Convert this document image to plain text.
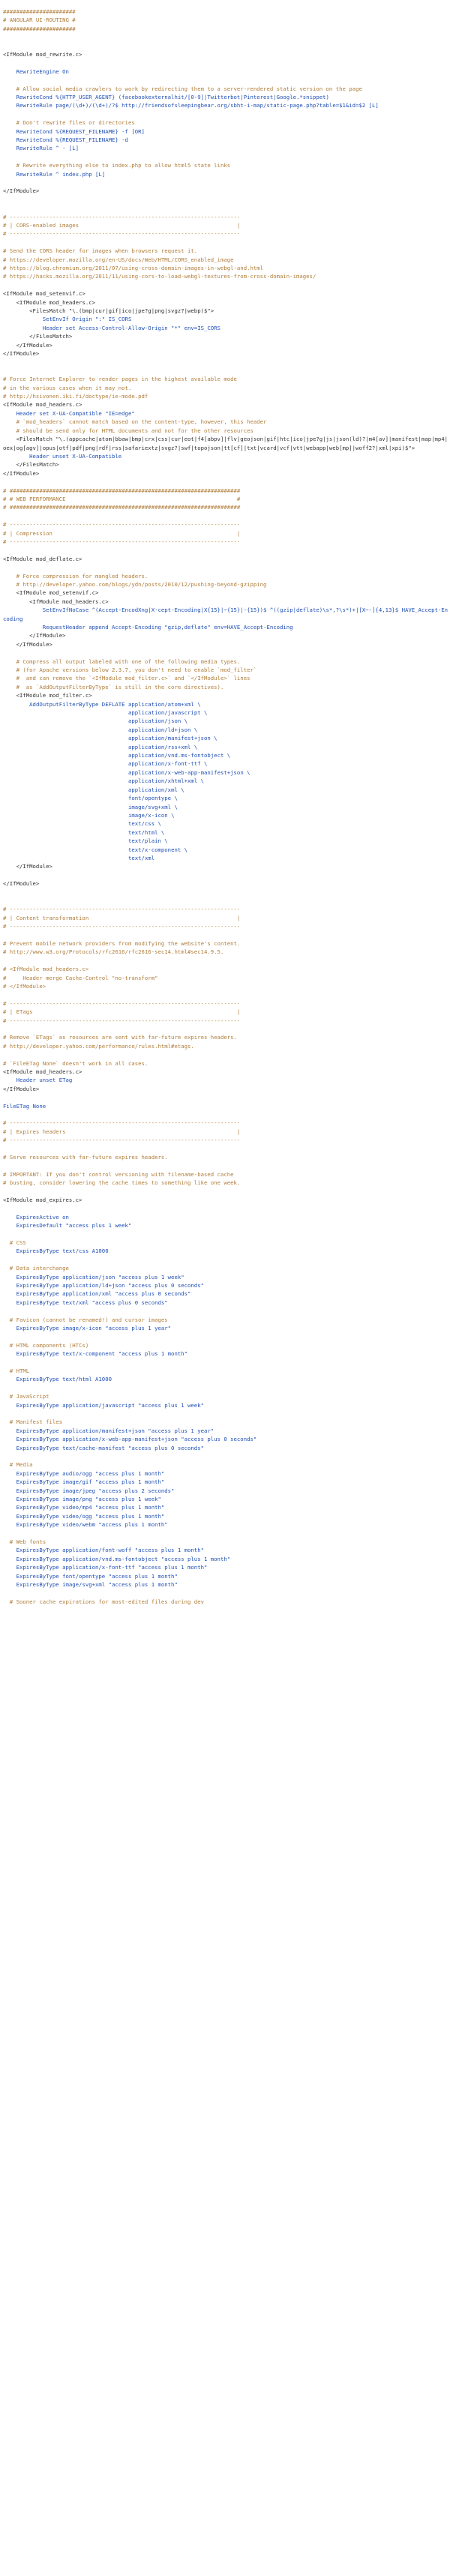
######################
# ANGULAR UI-ROUTING #
######################
<IfModule mod_rewrite.c>
RewriteEngine On
# Allow social media crawlers to work by redirecting them to a server-rendered static version on the page
RewriteCond %{HTTP_USER_AGENT} (facebookexternalhit/[0-9]|Twitterbot|Pinterest|Google.*snippet)
RewriteRule page/(\d+)/(\d+)/?$ http://friendsofsleepingbear.org/sbht-i-map/static-page.php?table=$1&id=$2 [L]
# Don't rewrite files or directories
RewriteCond %{REQUEST_FILENAME} -f [OR]
RewriteCond %{REQUEST_FILENAME} -d
RewriteRule ^ - [L]
# Rewrite everything else to index.php to allow html5 state links
RewriteRule ^ index.php [L]
</IfModule>
# ----------------------------------------------------------------------
# | CORS-enabled images                                                |
# ----------------------------------------------------------------------
# Send the CORS header for images when browsers request it.
# https://developer.mozilla.org/en-US/docs/Web/HTML/CORS_enabled_image
# https://blog.chromium.org/2011/07/using-cross-domain-images-in-webgl-and.html
# https://hacks.mozilla.org/2011/11/using-cors-to-load-webgl-textures-from-cross-domain-images/
<IfModule mod_setenvif.c>
<IfModule mod_headers.c>
<FilesMatch "\.(bmp|cur|gif|ico|jpe?g|png|svgz?|webp)$">
SetEnvIf Origin ":" IS_CORS
Header set Access-Control-Allow-Origin "*" env=IS_CORS
</FilesMatch>
</IfModule>
</IfModule>
# Force Internet Explorer to render pages in the highest available mode
# in the various cases when it may not.
# http://hsivonen.iki.fi/doctype/ie-mode.pdf
<IfModule mod_headers.c>
Header set X-UA-Compatible "IE=edge"
# `mod_headers` cannot match based on the content-type, however, this header
# should be send only for HTML documents and not for the other resources
<FilesMatch "\.(appcache|atom|bbaw|bmp|crx|css|cur|eot|f4[abpv]|flv|geojson|gif|htc|ico|jpe?g|js|json(ld)?|m4[av]|manifest|map|mp4|oex|og[agv]|opus|otf|pdf|png|rdf|rss|safariextz|svgz?|swf|topojson|tt[cf]|txt|vcard|vcf|vtt|webapp|web[mp]|woff2?|xml|xpi)$">
Header unset X-UA-Compatible
</FilesMatch>
</IfModule>
# ######################################################################
# # WEB PERFORMANCE                                                    #
# ######################################################################
# ----------------------------------------------------------------------
# | Compression                                                        |
# ----------------------------------------------------------------------
<IfModule mod_deflate.c>
# Force compression for mangled headers.
# http://developer.yahoo.com/blogs/ydn/posts/2010/12/pushing-beyond-gzipping
<IfModule mod_setenvif.c>
<IfModule mod_headers.c>
SetEnvIfNoCase ^(Accept-EncodXng|X-cept-Encoding|X{15}|~{15}|-{15})$ ^((gzip|deflate)\s*,?\s*)+|[X~-]{4,13}$ HAVE_Accept-Encoding
RequestHeader append Accept-Encoding "gzip,deflate" env=HAVE_Accept-Encoding
</IfModule>
</IfModule>
# Compress all output labeled with one of the following media types.
# (for Apache versions below 2.3.7, you don't need to enable `mod_filter`
#  and can remove the `<IfModule mod_filter.c>` and `</IfModule>` lines
#  as `AddOutputFilterByType` is still in the core directives).
<IfModule mod_filter.c>
AddOutputFilterByType DEFLATE application/atom+xml \
application/javascript \
application/json \
application/ld+json \
application/manifest+json \
application/rss+xml \
application/vnd.ms-fontobject \
application/x-font-ttf \
application/x-web-app-manifest+json \
application/xhtml+xml \
application/xml \
font/opentype \
image/svg+xml \
image/x-icon \
text/css \
text/html \
text/plain \
text/x-component \
text/xml
</IfModule>
</IfModule>
# ----------------------------------------------------------------------
# | Content transformation                                             |
# ----------------------------------------------------------------------
# Prevent mobile network providers from modifying the website's content.
# http://www.w3.org/Protocols/rfc2616/rfc2616-sec14.html#sec14.9.5.
# <IfModule mod_headers.c>
#     Header merge Cache-Control "no-transform"
# </IfModule>
# ----------------------------------------------------------------------
# | ETags                                                              |
# ----------------------------------------------------------------------
# Remove `ETags` as resources are sent with far-future expires headers.
# http://developer.yahoo.com/performance/rules.html#etags.
# `FileETag None` doesn't work in all cases.
<IfModule mod_headers.c>
Header unset ETag
</IfModule>
FileETag None
# ----------------------------------------------------------------------
# | Expires headers                                                    |
# ----------------------------------------------------------------------
# Serve resources with far-future expires headers.
# IMPORTANT: If you don't control versioning with filename-based cache
# busting, consider lowering the cache times to something like one week.
<IfModule mod_expires.c>
ExpiresActive on
ExpiresDefault "access plus 1 week"
# CSS
ExpiresByType text/css A1000
# Data interchange
ExpiresByType application/json "access plus 1 week"
ExpiresByType application/ld+json "access plus 0 seconds"
ExpiresByType application/xml "access plus 0 seconds"
ExpiresByType text/xml "access plus 0 seconds"
# Favicon (cannot be renamed!) and cursor images
ExpiresByType image/x-icon "access plus 1 year"
# HTML components (HTCs)
ExpiresByType text/x-component "access plus 1 month"
# HTML
ExpiresByType text/html A1000
# JavaScript
ExpiresByType application/javascript "access plus 1 week"
# Manifest files
ExpiresByType application/manifest+json "access plus 1 year"
ExpiresByType application/x-web-app-manifest+json "access plus 0 seconds"
ExpiresByType text/cache-manifest "access plus 0 seconds"
# Media
ExpiresByType audio/ogg "access plus 1 month"
ExpiresByType image/gif "access plus 1 month"
ExpiresByType image/jpeg "access plus 2 seconds"
ExpiresByType image/png "access plus 1 week"
ExpiresByType video/mp4 "access plus 1 month"
ExpiresByType video/ogg "access plus 1 month"
ExpiresByType video/webm "access plus 1 month"
# Web fonts
ExpiresByType application/font-woff "access plus 1 month"
ExpiresByType application/vnd.ms-fontobject "access plus 1 month"
ExpiresByType application/x-font-ttf "access plus 1 month"
ExpiresByType font/opentype "access plus 1 month"
ExpiresByType image/svg+xml "access plus 1 month"
# Sooner cache expirations for most-edited files during dev
